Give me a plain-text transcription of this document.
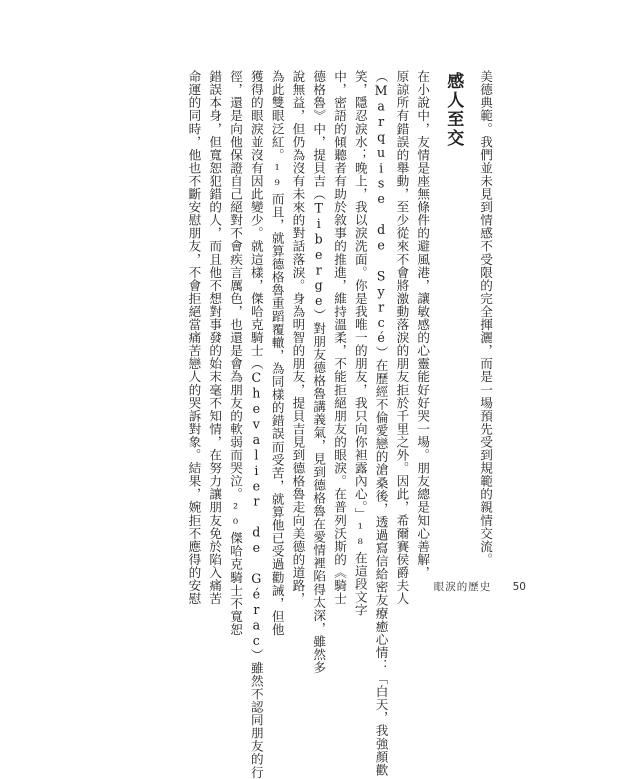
美德典範。我們並未見到情感不受限的完全揮灑，而是一場預先受到規範的親情交流。
感人至交
在小說中，友情是座無條件的避風港，讓敏感的心靈能好好哭一場。朋友總是知心善解，
原諒所有錯誤的舉動，至少從來不會將激動落淚的朋友拒於千里之外。因此，希爾賽侯爵夫人
（Marquise de Syrcé）在歷經不倫愛戀的滄桑後，透過寫信給密友療癒心情：「白天，我強顏歡
笑，隱忍淚水；晚上，我以淚洗面。你是我唯一的朋友，我只向你袒露內心。」¹⁸在這段文字
中，密語的傾聽者有助於敘事的推進，維持溫柔，不能拒絕朋友的眼淚。在普列沃斯的《騎士
德格魯》中，提貝吉（Tiberge）對朋友德格魯講義氣，見到德格魯在愛情裡陷得太深，雖然多
說無益，但仍為沒有未來的對話落淚。身為明智的朋友，提貝吉見到德格魯走向美德的道路，
為此雙眼泛紅。¹⁹而且，就算德格魯重蹈覆轍，為同樣的錯誤而受苦，就算他已受過勸誡，但他
獲得的眼淚並沒有因此變少。就這樣，傑哈克騎士（Chevalier de Gérac）雖然不認同朋友的行
徑，還是向他保證自己絕對不會疾言厲色，也還是會為朋友的軟弱而哭泣。²⁰傑哈克騎士不寬恕
錯誤本身，但寬恕犯錯的人，而且他不想對事發的始末毫不知情，在努力讓朋友免於陷入痛苦
命運的同時，他也不斷安慰朋友，不會拒絕當痛苦戀人的哭訴對象。結果，婉拒不應得的安慰	眼淚的歷史 50
